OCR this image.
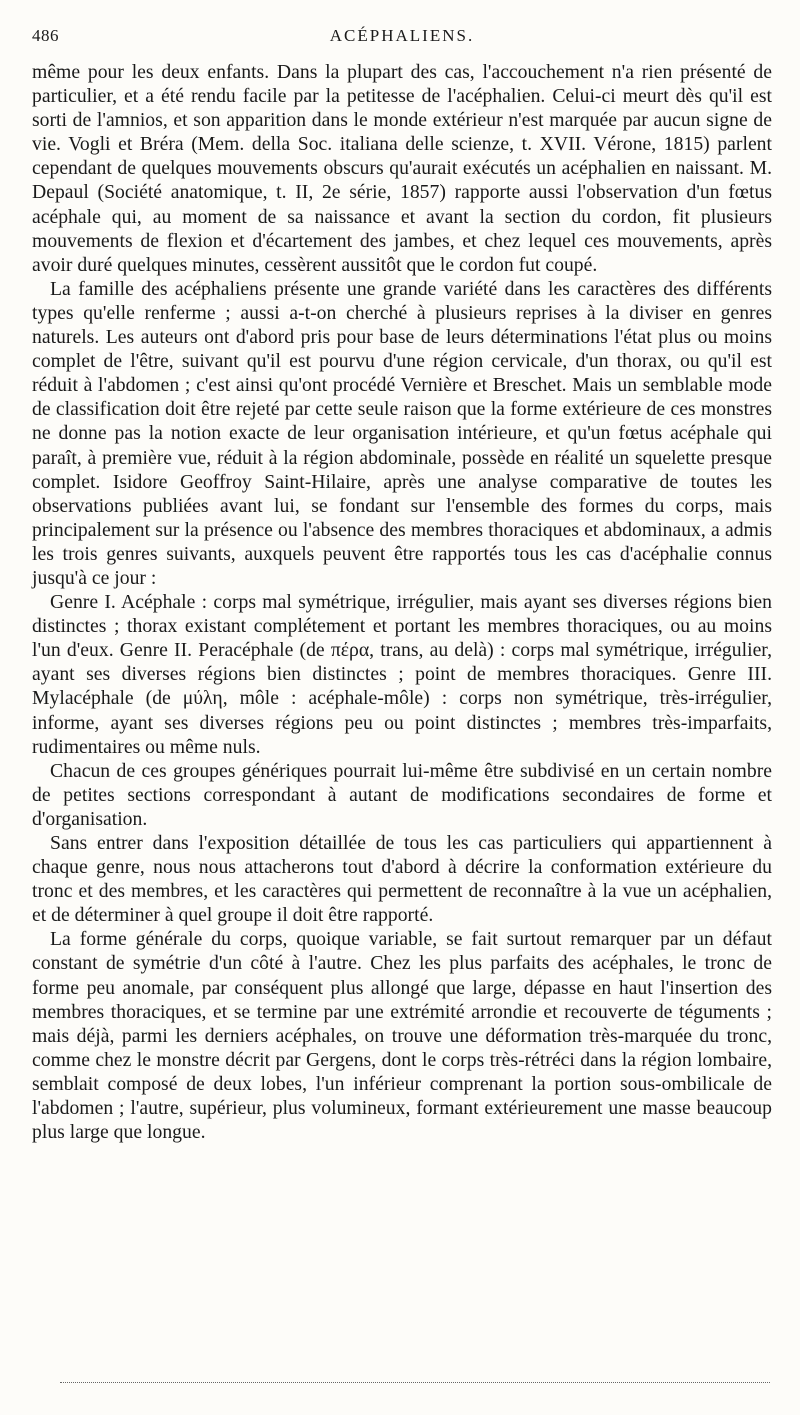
486	ACÉPHALIENS.

même pour les deux enfants. Dans la plupart des cas, l'accouchement n'a rien présenté de particulier, et a été rendu facile par la petitesse de l'acéphalien. Celui-ci meurt dès qu'il est sorti de l'amnios, et son apparition dans le monde extérieur n'est marquée par aucun signe de vie. Vogli et Bréra (Mem. della Soc. italiana delle scienze, t. XVII. Vérone, 1815) parlent cependant de quelques mouvements obscurs qu'aurait exécutés un acéphalien en naissant. M. Depaul (Société anatomique, t. II, 2e série, 1857) rapporte aussi l'observation d'un fœtus acéphale qui, au moment de sa naissance et avant la section du cordon, fit plusieurs mouvements de flexion et d'écartement des jambes, et chez lequel ces mouvements, après avoir duré quelques minutes, cessèrent aussitôt que le cordon fut coupé.

La famille des acéphaliens présente une grande variété dans les caractères des différents types qu'elle renferme ; aussi a-t-on cherché à plusieurs reprises à la diviser en genres naturels. Les auteurs ont d'abord pris pour base de leurs déterminations l'état plus ou moins complet de l'être, suivant qu'il est pourvu d'une région cervicale, d'un thorax, ou qu'il est réduit à l'abdomen ; c'est ainsi qu'ont procédé Vernière et Breschet. Mais un semblable mode de classification doit être rejeté par cette seule raison que la forme extérieure de ces monstres ne donne pas la notion exacte de leur organisation intérieure, et qu'un fœtus acéphale qui paraît, à première vue, réduit à la région abdominale, possède en réalité un squelette presque complet. Isidore Geoffroy Saint-Hilaire, après une analyse comparative de toutes les observations publiées avant lui, se fondant sur l'ensemble des formes du corps, mais principalement sur la présence ou l'absence des membres thoraciques et abdominaux, a admis les trois genres suivants, auxquels peuvent être rapportés tous les cas d'acéphalie connus jusqu'à ce jour :

Genre I. Acéphale : corps mal symétrique, irrégulier, mais ayant ses diverses régions bien distinctes ; thorax existant complétement et portant les membres thoraciques, ou au moins l'un d'eux. Genre II. Peracéphale (de πέρα, trans, au delà) : corps mal symétrique, irrégulier, ayant ses diverses régions bien distinctes ; point de membres thoraciques. Genre III. Mylacéphale (de μύλη, môle : acéphale-môle) : corps non symétrique, très-irrégulier, informe, ayant ses diverses régions peu ou point distinctes ; membres très-imparfaits, rudimentaires ou même nuls.

Chacun de ces groupes génériques pourrait lui-même être subdivisé en un certain nombre de petites sections correspondant à autant de modifications secondaires de forme et d'organisation.

Sans entrer dans l'exposition détaillée de tous les cas particuliers qui appartiennent à chaque genre, nous nous attacherons tout d'abord à décrire la conformation extérieure du tronc et des membres, et les caractères qui permettent de reconnaître à la vue un acéphalien, et de déterminer à quel groupe il doit être rapporté.

La forme générale du corps, quoique variable, se fait surtout remarquer par un défaut constant de symétrie d'un côté à l'autre. Chez les plus parfaits des acéphales, le tronc de forme peu anomale, par conséquent plus allongé que large, dépasse en haut l'insertion des membres thoraciques, et se termine par une extrémité arrondie et recouverte de téguments ; mais déjà, parmi les derniers acéphales, on trouve une déformation très-marquée du tronc, comme chez le monstre décrit par Gergens, dont le corps très-rétréci dans la région lombaire, semblait composé de deux lobes, l'un inférieur comprenant la portion sous-ombilicale de l'abdomen ; l'autre, supérieur, plus volumineux, formant extérieurement une masse beaucoup plus large que longue.
